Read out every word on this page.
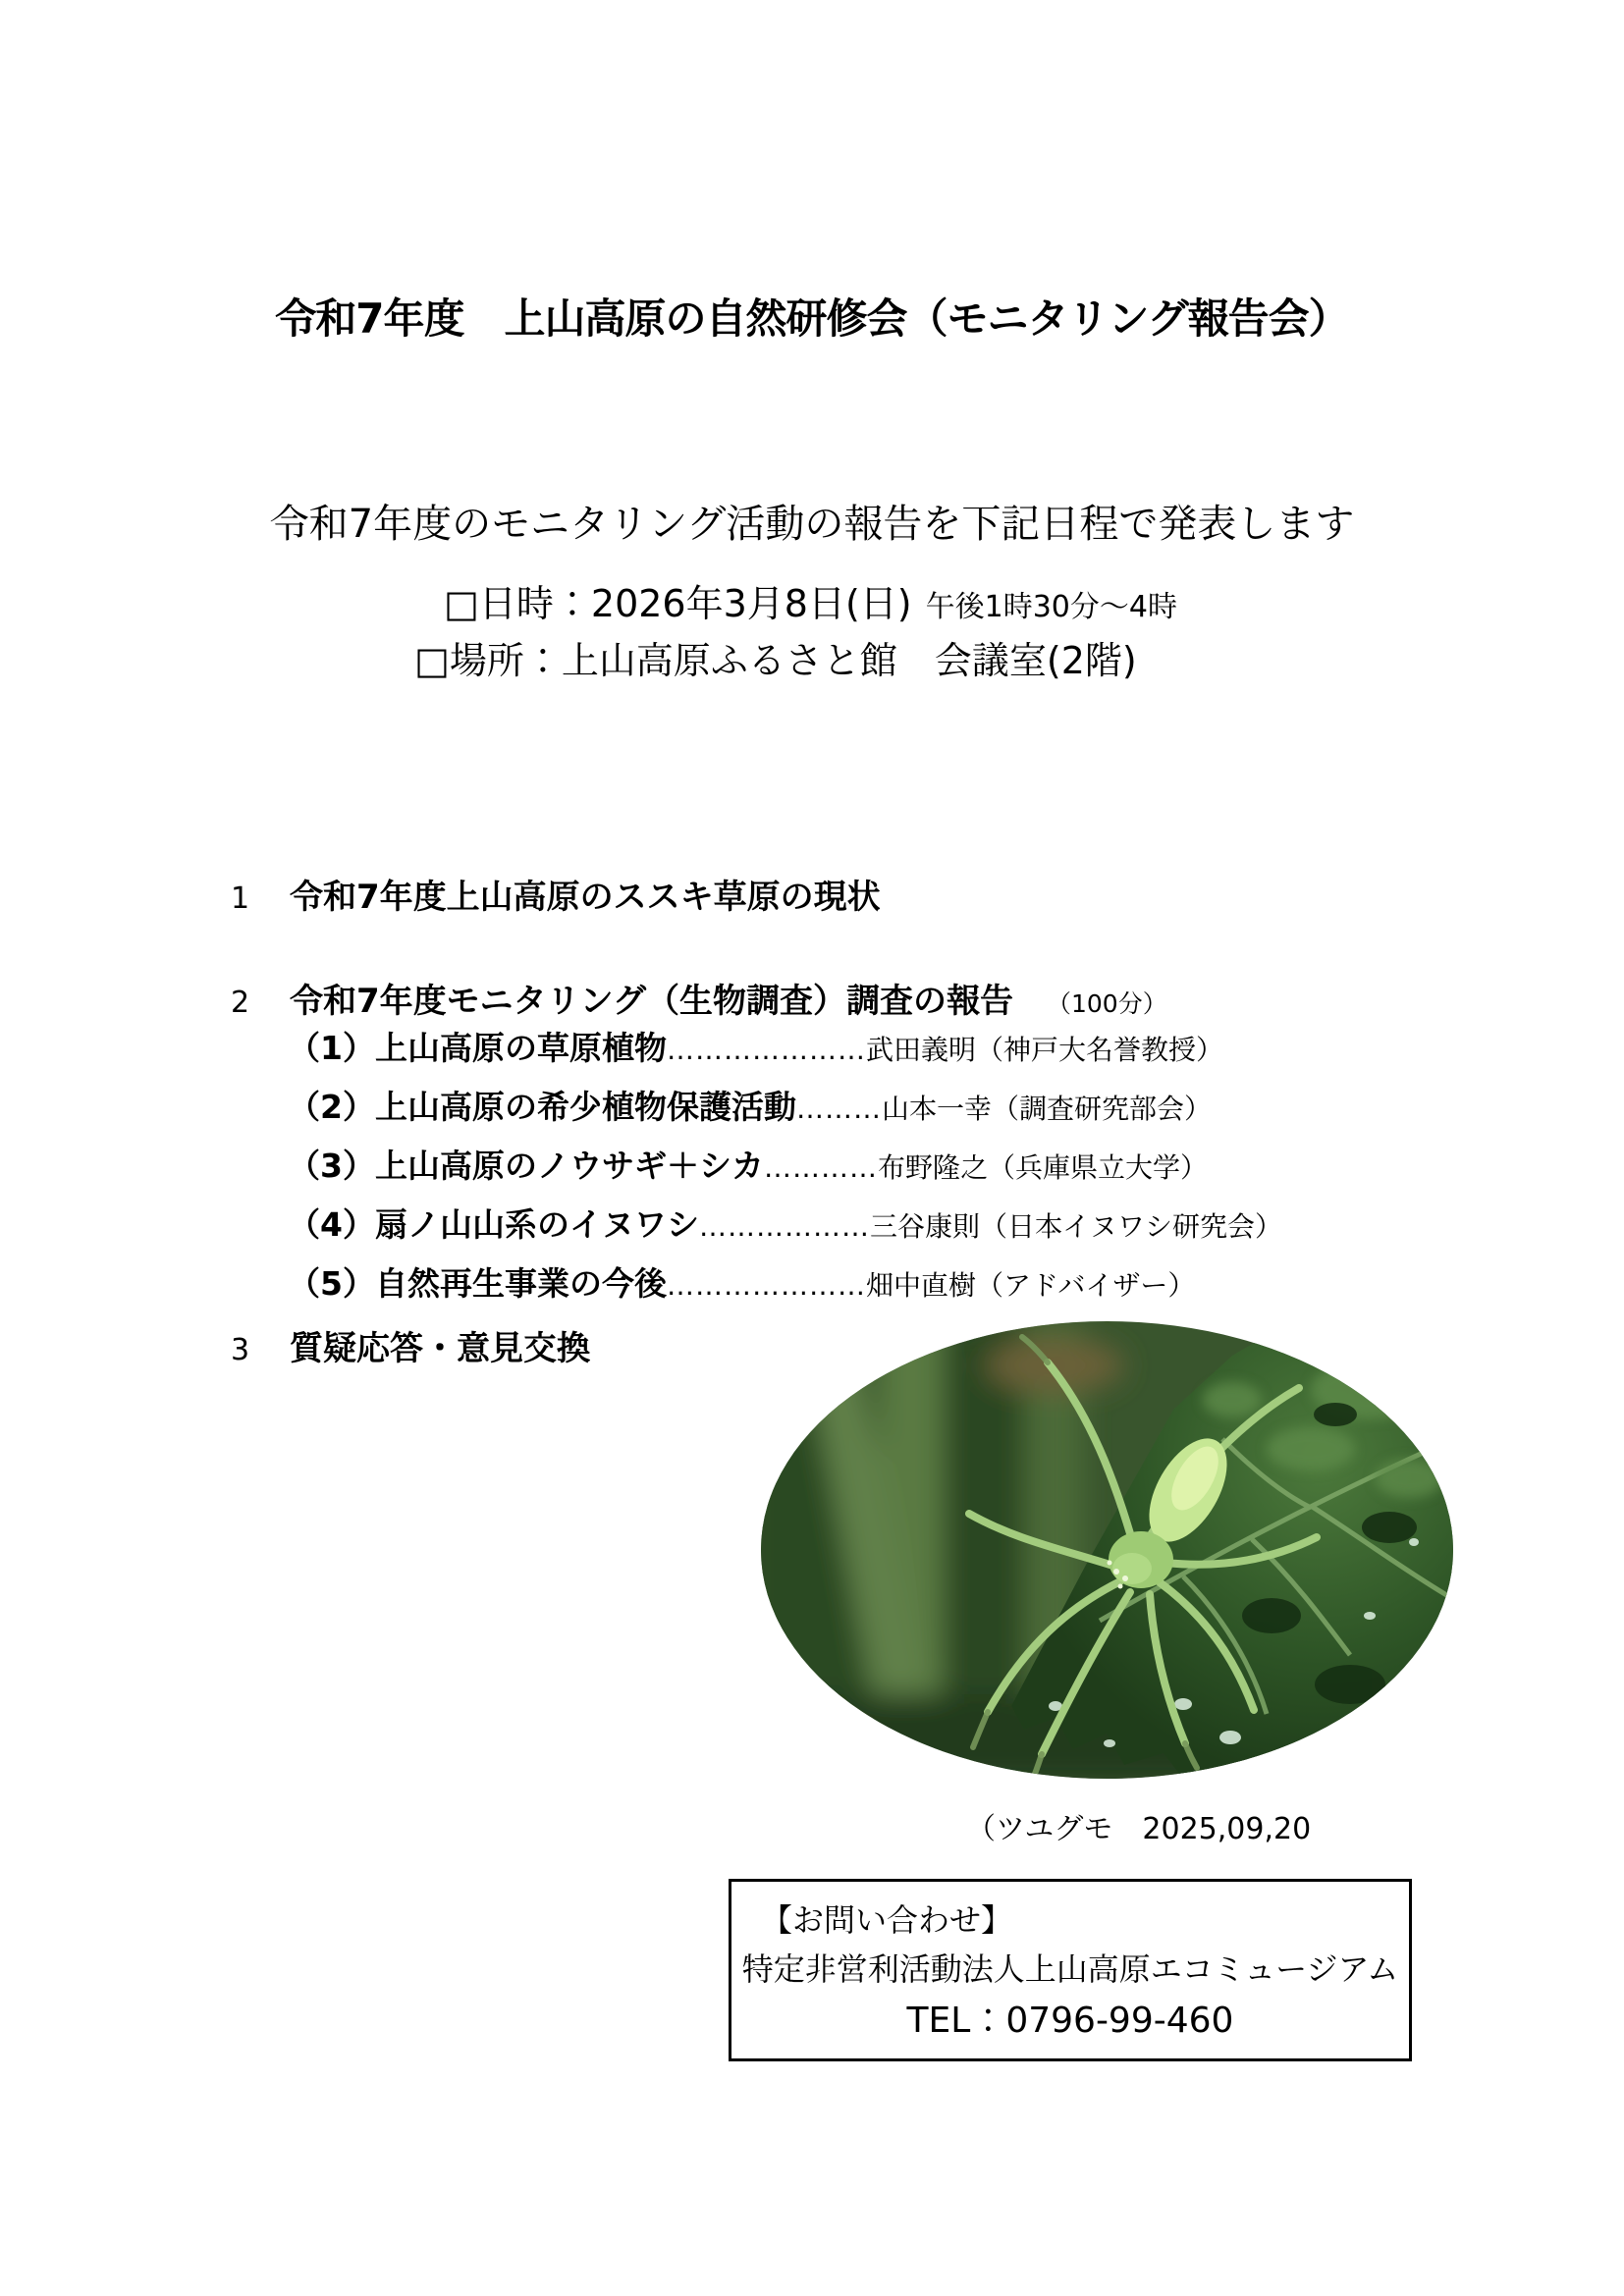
令和7年度　上山高原の自然研修会（モニタリング報告会）
令和7年度のモニタリング活動の報告を下記日程で発表します
□日時：2026年3月8日(日) 午後1時30分～4時
□場所：上山高原ふるさと館　会議室(2階)
1	令和7年度上山高原のススキ草原の現状
2	令和7年度モニタリング（生物調査）調査の報告 （100分）
（1） 上山高原の草原植物 ………………… 武田義明（神戸大名誉教授）
（2） 上山高原の希少植物保護活動 ……… 山本一幸（調査研究部会）
（3） 上山高原のノウサギ＋シカ ………… 布野隆之（兵庫県立大学）
（4） 扇ノ山山系のイヌワシ ……………… 三谷康則（日本イヌワシ研究会）
（5） 自然再生事業の今後 ………………… 畑中直樹（アドバイザー）
3	質疑応答・意見交換
（ツユグモ　2025,09,20
【お問い合わせ】
特定非営利活動法人上山高原エコミュージアム
TEL：0796-99-460
